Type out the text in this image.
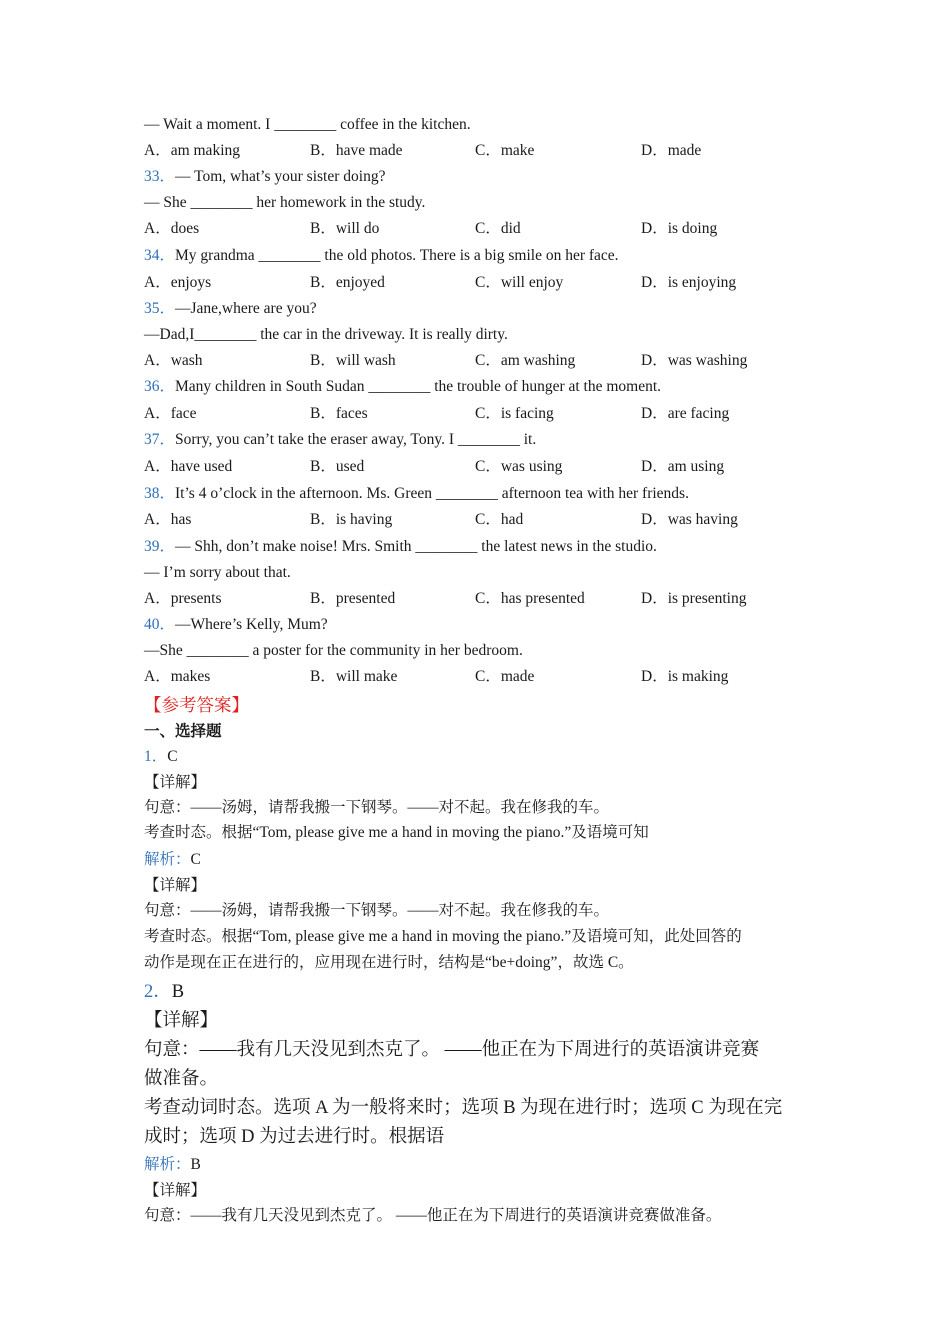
— Wait a moment. I ________ coffee in the kitchen.
A．am making	B．have made	C．make	D．made
33．— Tom, what’s your sister doing?
— She ________ her homework in the study.
A．does	B．will do	C．did	D．is doing
34．My grandma ________ the old photos. There is a big smile on her face.
A．enjoys	B．enjoyed	C．will enjoy	D．is enjoying
35．—Jane,where are you?
—Dad,I________ the car in the driveway. It is really dirty.
A．wash	B．will wash	C．am washing	D．was washing
36．Many children in South Sudan ________ the trouble of hunger at the moment.
A．face	B．faces	C．is facing	D．are facing
37．Sorry, you can’t take the eraser away, Tony. I ________ it.
A．have used	B．used	C．was using	D．am using
38．It’s 4 o’clock in the afternoon. Ms. Green ________ afternoon tea with her friends.
A．has	B．is having	C．had	D．was having
39．— Shh, don’t make noise! Mrs. Smith ________ the latest news in the studio.
— I’m sorry about that.
A．presents	B．presented	C．has presented	D．is presenting
40．—Where’s Kelly, Mum?
—She ________ a poster for the community in her bedroom.
A．makes	B．will make	C．made	D．is making
【参考答案】
一、选择题
1．C
【详解】
句意：——汤姆，请帮我搬一下钢琴。——对不起。我在修我的车。
考查时态。根据“Tom, please give me a hand in moving the piano.”及语境可知
解析：C
【详解】
句意：——汤姆，请帮我搬一下钢琴。——对不起。我在修我的车。
考查时态。根据“Tom, please give me a hand in moving the piano.”及语境可知，此处回答的
动作是现在正在进行的，应用现在进行时，结构是“be+doing”，故选 C。
2．B
【详解】
句意：——我有几天没见到杰克了。 ——他正在为下周进行的英语演讲竞赛
做准备。
考查动词时态。选项 A 为一般将来时；选项 B 为现在进行时；选项 C 为现在完
成时；选项 D 为过去进行时。根据语
解析：B
【详解】
句意：——我有几天没见到杰克了。 ——他正在为下周进行的英语演讲竞赛做准备。
